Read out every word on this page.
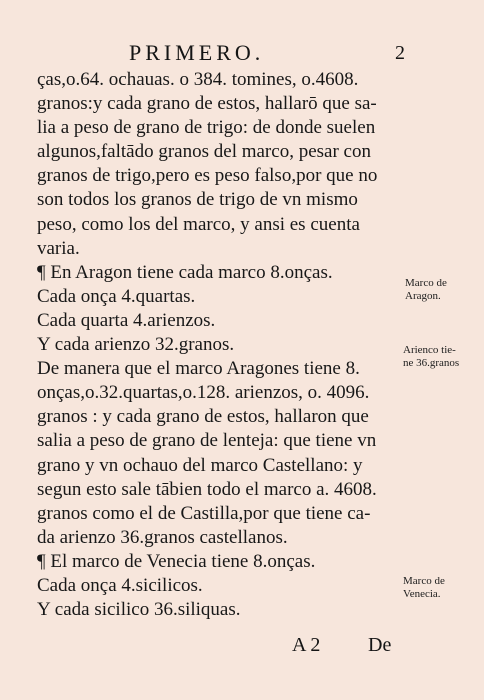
PRIMERO.	2
ças,o.64. ochauas. o 384. tomines, o.4608.
granos:y cada grano de estos, hallarō que sa-
lia a peso de grano de trigo: de donde suelen
algunos,faltādo granos del marco, pesar con
granos de trigo,pero es peso falso,por que no
son todos los granos de trigo de vn mismo
peso, como los del marco, y ansi es cuenta
varia.
¶ En Aragon tiene cada marco 8.onças.
Cada onça 4.quartas.
Cada quarta 4.arienzos.
Y cada arienzo 32.granos.
De manera que el marco Aragones tiene 8.
onças,o.32.quartas,o.128. arienzos, o. 4096.
granos : y cada grano de estos, hallaron que
salia a peso de grano de lenteja: que tiene vn
grano y vn ochauo del marco Castellano: y
segun esto sale tābien todo el marco a. 4608.
granos como el de Castilla,por que tiene ca-
da arienzo 36.granos castellanos.
¶ El marco de Venecia tiene 8.onças.
Cada onça 4.sicilicos.
Y cada sicilico 36.siliquas.
Marco de
Aragon.
Arienco tie-
ne 36.granos
Marco de
Venecia.
A 2 De
